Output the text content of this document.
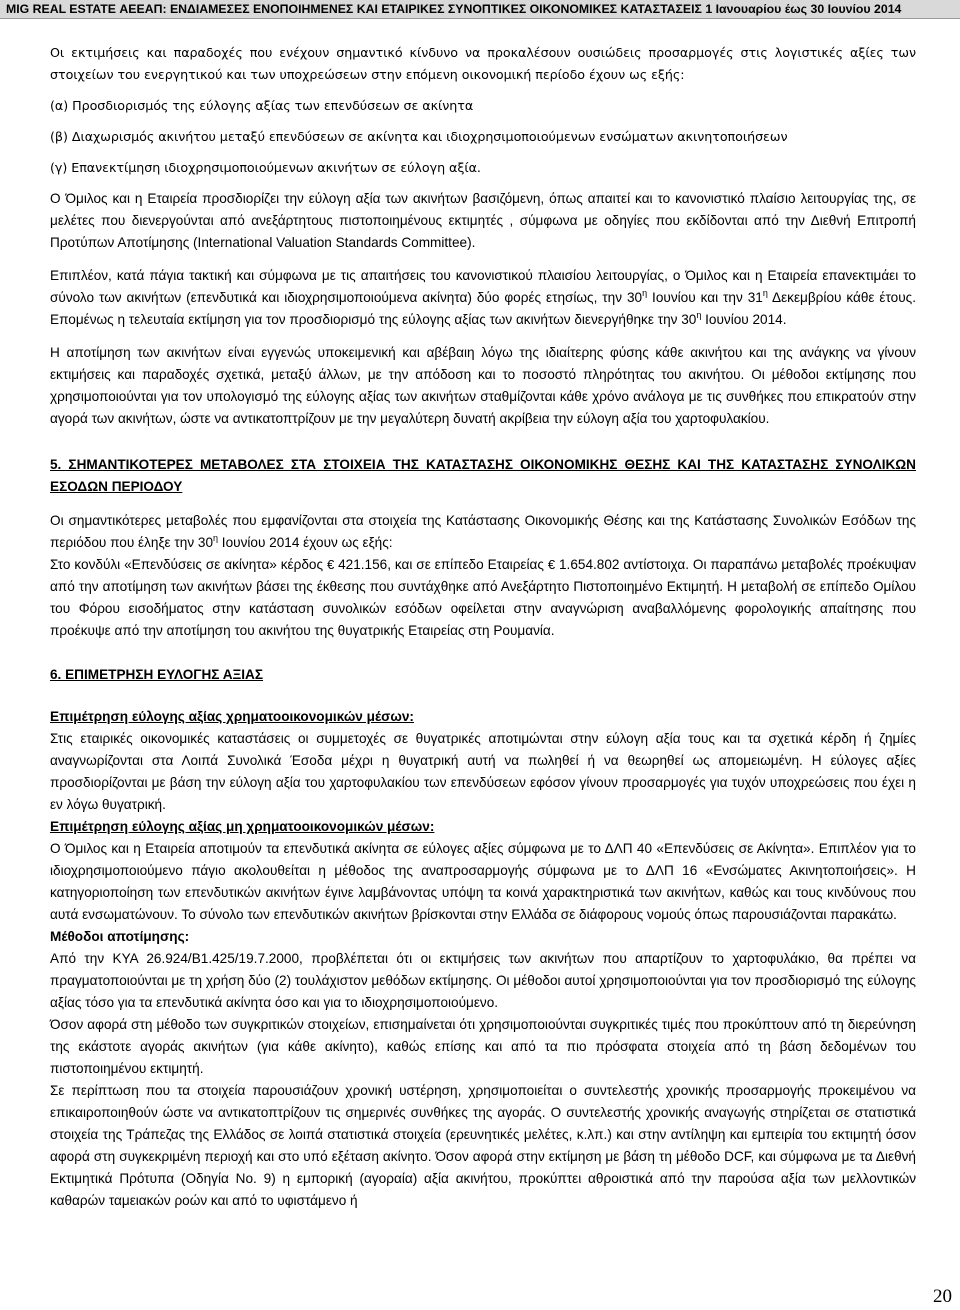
MIG REAL ESTATE ΑΕΕΑΠ: ΕΝΔΙΑΜΕΣΕΣ ΕΝΟΠΟΙΗΜΕΝΕΣ ΚΑΙ ΕΤΑΙΡΙΚΕΣ ΣΥΝΟΠΤΙΚΕΣ ΟΙΚΟΝΟΜΙΚΕΣ ΚΑΤΑΣΤΑΣΕΙΣ 1 Ιανουαρίου έως 30 Ιουνίου 2014

Οι εκτιμήσεις και παραδοχές που ενέχουν σημαντικό κίνδυνο να προκαλέσουν ουσιώδεις προσαρμογές στις λογιστικές αξίες των στοιχείων του ενεργητικού και των υποχρεώσεων στην επόμενη οικονομική περίοδο έχουν ως εξής:

(α) Προσδιορισμός της εύλογης αξίας των επενδύσεων σε ακίνητα

(β) Διαχωρισμός ακινήτου μεταξύ επενδύσεων σε ακίνητα και ιδιοχρησιμοποιούμενων ενσώματων ακινητοποιήσεων

(γ) Επανεκτίμηση ιδιοχρησιμοποιούμενων ακινήτων σε εύλογη αξία.

Ο Όμιλος και η Εταιρεία προσδιορίζει την εύλογη αξία των ακινήτων βασιζόμενη, όπως απαιτεί και το κανονιστικό πλαίσιο λειτουργίας της, σε μελέτες που διενεργούνται από ανεξάρτητους πιστοποιημένους εκτιμητές , σύμφωνα με οδηγίες που εκδίδονται από την Διεθνή Επιτροπή Προτύπων Αποτίμησης (International Valuation Standards Committee).

Επιπλέον, κατά πάγια τακτική και σύμφωνα με τις απαιτήσεις του κανονιστικού πλαισίου λειτουργίας, ο Όμιλος και η Εταιρεία επανεκτιμάει το σύνολο των ακινήτων (επενδυτικά και ιδιοχρησιμοποιούμενα ακίνητα) δύο φορές ετησίως, την $30^\eta$ Ιουνίου και την $31^\eta$ Δεκεμβρίου κάθε έτους. Επομένως η τελευταία εκτίμηση για τον προσδιορισμό της εύλογης αξίας των ακινήτων διενεργήθηκε την $30^\eta$ Ιουνίου 2014.

Η αποτίμηση των ακινήτων είναι εγγενώς υποκειμενική και αβέβαιη λόγω της ιδιαίτερης φύσης κάθε ακινήτου και της ανάγκης να γίνουν εκτιμήσεις και παραδοχές σχετικά, μεταξύ άλλων, με την απόδοση και το ποσοστό πληρότητας του ακινήτου. Οι μέθοδοι εκτίμησης που χρησιμοποιούνται για τον υπολογισμό της εύλογης αξίας των ακινήτων σταθμίζονται κάθε χρόνο ανάλογα με τις συνθήκες που επικρατούν στην αγορά των ακινήτων, ώστε να αντικατοπτρίζουν με την μεγαλύτερη δυνατή ακρίβεια την εύλογη αξία του χαρτοφυλακίου.

5. ΣΗΜΑΝΤΙΚΟΤΕΡΕΣ ΜΕΤΑΒΟΛΕΣ ΣΤΑ ΣΤΟΙΧΕΙΑ ΤΗΣ ΚΑΤΑΣΤΑΣΗΣ ΟΙΚΟΝΟΜΙΚΗΣ ΘΕΣΗΣ ΚΑΙ ΤΗΣ ΚΑΤΑΣΤΑΣΗΣ ΣΥΝΟΛΙΚΩΝ ΕΣΟΔΩΝ ΠΕΡΙΟΔΟΥ

Οι σημαντικότερες μεταβολές που εμφανίζονται στα στοιχεία της Κατάστασης Οικονομικής Θέσης και της Κατάστασης Συνολικών Εσόδων της περιόδου που έληξε την $30^\eta$ Ιουνίου 2014 έχουν ως εξής:

Στο κονδύλι «Επενδύσεις σε ακίνητα» κέρδος € 421.156, και σε επίπεδο Εταιρείας € 1.654.802 αντίστοιχα. Οι παραπάνω μεταβολές προέκυψαν από την αποτίμηση των ακινήτων βάσει της έκθεσης που συντάχθηκε από Ανεξάρτητο Πιστοποιημένο Εκτιμητή. Η μεταβολή σε επίπεδο Ομίλου του Φόρου εισοδήματος στην κατάσταση συνολικών εσόδων οφείλεται στην αναγνώριση αναβαλλόμενης φορολογικής απαίτησης που προέκυψε από την αποτίμηση του ακινήτου της θυγατρικής Εταιρείας στη Ρουμανία.

6. ΕΠΙΜΕΤΡΗΣΗ ΕΥΛΟΓΗΣ ΑΞΙΑΣ

Επιμέτρηση εύλογης αξίας χρηματοοικονομικών μέσων:

Στις εταιρικές οικονομικές καταστάσεις οι συμμετοχές σε θυγατρικές αποτιμώνται στην εύλογη αξία τους και τα σχετικά κέρδη ή ζημίες αναγνωρίζονται στα Λοιπά Συνολικά Έσοδα μέχρι η θυγατρική αυτή να πωληθεί ή να θεωρηθεί ως απομειωμένη. Η εύλογες αξίες προσδιορίζονται με βάση την εύλογη αξία του χαρτοφυλακίου των επενδύσεων εφόσον γίνουν προσαρμογές για τυχόν υποχρεώσεις που έχει η εν λόγω θυγατρική.

Επιμέτρηση εύλογης αξίας μη χρηματοοικονομικών μέσων:

Ο Όμιλος και η Εταιρεία αποτιμούν τα επενδυτικά ακίνητα σε εύλογες αξίες σύμφωνα με το ΔΛΠ 40 «Επενδύσεις σε Ακίνητα». Επιπλέον για το ιδιοχρησιμοποιούμενο πάγιο ακολουθείται η μέθοδος της αναπροσαρμογής σύμφωνα με το ΔΛΠ 16 «Ενσώματες Ακινητοποιήσεις». Η κατηγοριοποίηση των επενδυτικών ακινήτων έγινε λαμβάνοντας υπόψη τα κοινά χαρακτηριστικά των ακινήτων, καθώς και τους κινδύνους που αυτά ενσωματώνουν. Το σύνολο των επενδυτικών ακινήτων βρίσκονται στην Ελλάδα σε διάφορους νομούς όπως παρουσιάζονται παρακάτω.

Μέθοδοι αποτίμησης:

Από την ΚΥΑ 26.924/Β1.425/19.7.2000, προβλέπεται ότι οι εκτιμήσεις των ακινήτων που απαρτίζουν το χαρτοφυλάκιο, θα πρέπει να πραγματοποιούνται με τη χρήση δύο (2) τουλάχιστον μεθόδων εκτίμησης. Οι μέθοδοι αυτοί χρησιμοποιούνται για τον προσδιορισμό της εύλογης αξίας τόσο για τα επενδυτικά ακίνητα όσο και για το ιδιοχρησιμοποιούμενο.

Όσον αφορά στη μέθοδο των συγκριτικών στοιχείων, επισημαίνεται ότι χρησιμοποιούνται συγκριτικές τιμές που προκύπτουν από τη διερεύνηση της εκάστοτε αγοράς ακινήτων (για κάθε ακίνητο), καθώς επίσης και από τα πιο πρόσφατα στοιχεία από τη βάση δεδομένων του πιστοποιημένου εκτιμητή.

Σε περίπτωση που τα στοιχεία παρουσιάζουν χρονική υστέρηση, χρησιμοποιείται ο συντελεστής χρονικής προσαρμογής προκειμένου να επικαιροποιηθούν ώστε να αντικατοπτρίζουν τις σημερινές συνθήκες της αγοράς. Ο συντελεστής χρονικής αναγωγής στηρίζεται σε στατιστικά στοιχεία της Τράπεζας της Ελλάδος σε λοιπά στατιστικά στοιχεία (ερευνητικές μελέτες, κ.λπ.) και στην αντίληψη και εμπειρία του εκτιμητή όσον αφορά στη συγκεκριμένη περιοχή και στο υπό εξέταση ακίνητο. Όσον αφορά στην εκτίμηση με βάση τη μέθοδο DCF, και σύμφωνα με τα Διεθνή Εκτιμητικά Πρότυπα (Οδηγία Νο. 9) η εμπορική (αγοραία) αξία ακινήτου, προκύπτει αθροιστικά από την παρούσα αξία των μελλοντικών καθαρών ταμειακών ροών και από το υφιστάμενο ή

20
